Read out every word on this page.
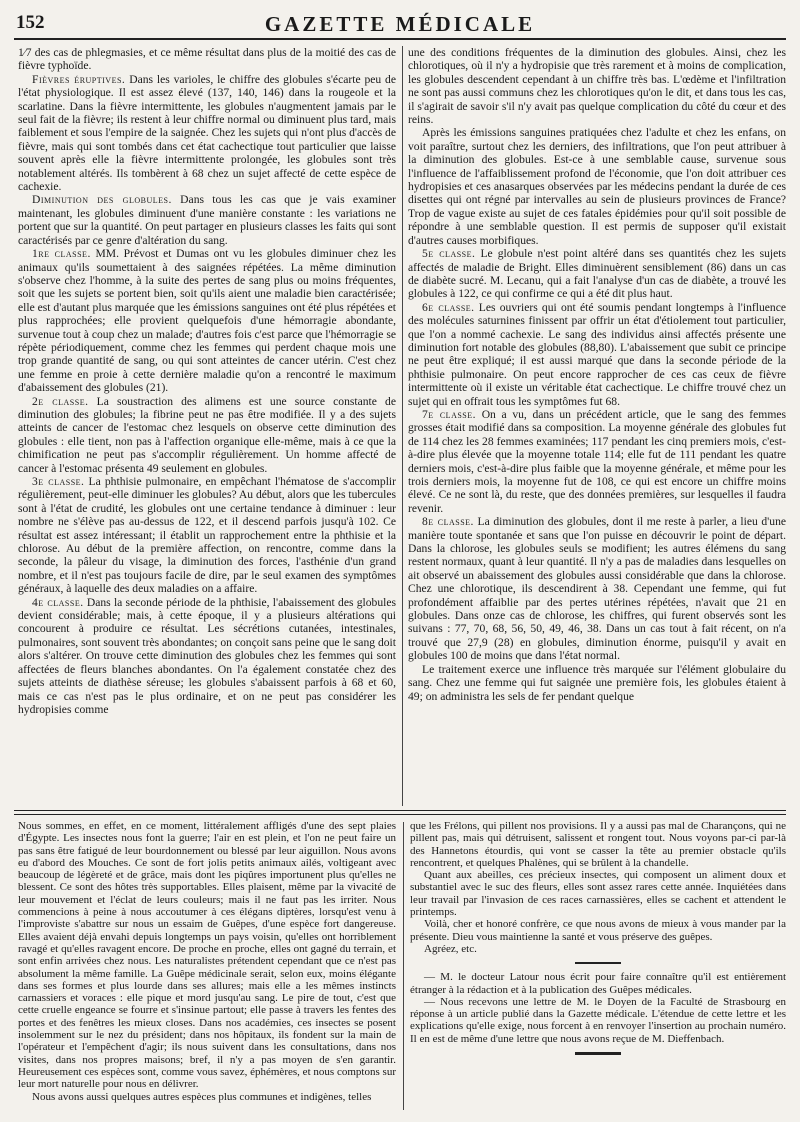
152	GAZETTE MÉDICALE

1⁄7 des cas de phlegmasies, et ce même résultat dans plus de la moitié des cas de fièvre typhoïde.

Fièvres éruptives. Dans les varioles, le chiffre des globules s'écarte peu de l'état physiologique. Il est assez élevé (137, 140, 146) dans la rougeole et la scarlatine. Dans la fièvre intermittente, les globules n'augmentent jamais par le seul fait de la fièvre; ils restent à leur chiffre normal ou diminuent plus tard, mais faiblement et sous l'empire de la saignée. Chez les sujets qui n'ont plus d'accès de fièvre, mais qui sont tombés dans cet état cachectique tout particulier que laisse souvent après elle la fièvre intermittente prolongée, les globules sont très notablement altérés. Ils tombèrent à 68 chez un sujet affecté de cette espèce de cachexie.

Diminution des globules. Dans tous les cas que je vais examiner maintenant, les globules diminuent d'une manière constante : les variations ne portent que sur la quantité. On peut partager en plusieurs classes les faits qui sont caractérisés par ce genre d'altération du sang.

1re classe. MM. Prévost et Dumas ont vu les globules diminuer chez les animaux qu'ils soumettaient à des saignées répétées. La même diminution s'observe chez l'homme, à la suite des pertes de sang plus ou moins fréquentes, soit que les sujets se portent bien, soit qu'ils aient une maladie bien caractérisée; elle est d'autant plus marquée que les émissions sanguines ont été plus répétées et plus rapprochées; elle provient quelquefois d'une hémorragie abondante, survenue tout à coup chez un malade; d'autres fois c'est parce que l'hémorragie se répète périodiquement, comme chez les femmes qui perdent chaque mois une trop grande quantité de sang, ou qui sont atteintes de cancer utérin. C'est chez une femme en proie à cette dernière maladie qu'on a rencontré le maximum d'abaissement des globules (21).

2e classe. La soustraction des alimens est une source constante de diminution des globules; la fibrine peut ne pas être modifiée. Il y a des sujets atteints de cancer de l'estomac chez lesquels on observe cette diminution des globules : elle tient, non pas à l'affection organique elle-même, mais à ce que la chimification ne peut pas s'accomplir régulièrement. Un homme affecté de cancer à l'estomac présenta 49 seulement en globules.

3e classe. La phthisie pulmonaire, en empêchant l'hématose de s'accomplir régulièrement, peut-elle diminuer les globules? Au début, alors que les tubercules sont à l'état de crudité, les globules ont une certaine tendance à diminuer : leur nombre ne s'élève pas au-dessus de 122, et il descend parfois jusqu'à 102. Ce résultat est assez intéressant; il établit un rapprochement entre la phthisie et la chlorose. Au début de la première affection, on rencontre, comme dans la seconde, la pâleur du visage, la diminution des forces, l'asthénie d'un grand nombre, et il n'est pas toujours facile de dire, par le seul examen des symptômes généraux, à laquelle des deux maladies on a affaire.

4e classe. Dans la seconde période de la phthisie, l'abaissement des globules devient considérable; mais, à cette époque, il y a plusieurs altérations qui concourent à produire ce résultat. Les sécrétions cutanées, intestinales, pulmonaires, sont souvent très abondantes; on conçoit sans peine que le sang doit alors s'altérer. On trouve cette diminution des globules chez les femmes qui sont affectées de fleurs blanches abondantes. On l'a également constatée chez des sujets atteints de diathèse séreuse; les globules s'abaissent parfois à 68 et 60, mais ce cas n'est pas le plus ordinaire, et on ne peut pas considérer les hydropisies comme

une des conditions fréquentes de la diminution des globules. Ainsi, chez les chlorotiques, où il n'y a hydropisie que très rarement et à moins de complication, les globules descendent cependant à un chiffre très bas. L'œdème et l'infiltration ne sont pas aussi communs chez les chlorotiques qu'on le dit, et dans tous les cas, il s'agirait de savoir s'il n'y avait pas quelque complication du côté du cœur et des reins.

Après les émissions sanguines pratiquées chez l'adulte et chez les enfans, on voit paraître, surtout chez les derniers, des infiltrations, que l'on peut attribuer à la diminution des globules. Est-ce à une semblable cause, survenue sous l'influence de l'affaiblissement profond de l'économie, que l'on doit attribuer ces hydropisies et ces anasarques observées par les médecins pendant la durée de ces disettes qui ont régné par intervalles au sein de plusieurs provinces de France? Trop de vague existe au sujet de ces fatales épidémies pour qu'il soit possible de répondre à une semblable question. Il est permis de supposer qu'il existait d'autres causes morbifiques.

5e classe. Le globule n'est point altéré dans ses quantités chez les sujets affectés de maladie de Bright. Elles diminuèrent sensiblement (86) dans un cas de diabète sucré. M. Lecanu, qui a fait l'analyse d'un cas de diabète, a trouvé les globules à 122, ce qui confirme ce qui a été dit plus haut.

6e classe. Les ouvriers qui ont été soumis pendant longtemps à l'influence des molécules saturnines finissent par offrir un état d'étiolement tout particulier, que l'on a nommé cachexie. Le sang des individus ainsi affectés présente une diminution fort notable des globules (88,80). L'abaissement que subit ce principe ne peut être expliqué; il est aussi marqué que dans la seconde période de la phthisie pulmonaire. On peut encore rapprocher de ces cas ceux de fièvre intermittente où il existe un véritable état cachectique. Le chiffre trouvé chez un sujet qui en offrait tous les symptômes fut 68.

7e classe. On a vu, dans un précédent article, que le sang des femmes grosses était modifié dans sa composition. La moyenne générale des globules fut de 114 chez les 28 femmes examinées; 117 pendant les cinq premiers mois, c'est-à-dire plus élevée que la moyenne totale 114; elle fut de 111 pendant les quatre derniers mois, c'est-à-dire plus faible que la moyenne générale, et même pour les trois derniers mois, la moyenne fut de 108, ce qui est encore un chiffre moins élevé. Ce ne sont là, du reste, que des données premières, sur lesquelles il faudra revenir.

8e classe. La diminution des globules, dont il me reste à parler, a lieu d'une manière toute spontanée et sans que l'on puisse en découvrir le point de départ. Dans la chlorose, les globules seuls se modifient; les autres élémens du sang restent normaux, quant à leur quantité. Il n'y a pas de maladies dans lesquelles on ait observé un abaissement des globules aussi considérable que dans la chlorose. Chez une chlorotique, ils descendirent à 38. Cependant une femme, qui fut profondément affaiblie par des pertes utérines répétées, n'avait que 21 en globules. Dans onze cas de chlorose, les chiffres, qui furent observés sont les suivans : 77, 70, 68, 56, 50, 49, 46, 38. Dans un cas tout à fait récent, on n'a trouvé que 27,9 (28) en globules, diminution énorme, puisqu'il y avait en globules 100 de moins que dans l'état normal.

Le traitement exerce une influence très marquée sur l'élément globulaire du sang. Chez une femme qui fut saignée une première fois, les globules étaient à 49; on administra les sels de fer pendant quelque

Nous sommes, en effet, en ce moment, littéralement affligés d'une des sept plaies d'Égypte. Les insectes nous font la guerre; l'air en est plein, et l'on ne peut faire un pas sans être fatigué de leur bourdonnement ou blessé par leur aiguillon. Nous avons eu d'abord des Mouches. Ce sont de fort jolis petits animaux ailés, voltigeant avec beaucoup de légèreté et de grâce, mais dont les piqûres importunent plus qu'elles ne blessent. Ce sont des hôtes très supportables. Elles plaisent, même par la vivacité de leur mouvement et l'éclat de leurs couleurs; mais il ne faut pas les irriter. Nous commencions à peine à nous accoutumer à ces élégans diptères, lorsqu'est venu à l'improviste s'abattre sur nous un essaim de Guêpes, d'une espèce fort dangereuse. Elles avaient déjà envahi depuis longtemps un pays voisin, qu'elles ont horriblement ravagé et qu'elles ravagent encore. De proche en proche, elles ont gagné du terrain, et sont enfin arrivées chez nous. Les naturalistes prétendent cependant que ce n'est pas absolument la même famille. La Guêpe médicinale serait, selon eux, moins élégante dans ses formes et plus lourde dans ses allures; mais elle a les mêmes instincts carnassiers et voraces : elle pique et mord jusqu'au sang. Le pire de tout, c'est que cette cruelle engeance se fourre et s'insinue partout; elle passe à travers les fentes des portes et des fenêtres les mieux closes. Dans nos académies, ces insectes se posent insolemment sur le nez du président; dans nos hôpitaux, ils fondent sur la main de l'opérateur et l'empêchent d'agir; ils nous suivent dans les consultations, dans nos visites, dans nos propres maisons; bref, il n'y a pas moyen de s'en garantir. Heureusement ces espèces sont, comme vous savez, éphémères, et nous comptons sur leur mort naturelle pour nous en délivrer.

Nous avons aussi quelques autres espèces plus communes et indigènes, telles

que les Frélons, qui pillent nos provisions. Il y a aussi pas mal de Charançons, qui ne pillent pas, mais qui détruisent, salissent et rongent tout. Nous voyons par-ci par-là des Hannetons étourdis, qui vont se casser la tête au premier obstacle qu'ils rencontrent, et quelques Phalènes, qui se brûlent à la chandelle.

Quant aux abeilles, ces précieux insectes, qui composent un aliment doux et substantiel avec le suc des fleurs, elles sont assez rares cette année. Inquiétées dans leur travail par l'invasion de ces races carnassières, elles se cachent et attendent le printemps.

Voilà, cher et honoré confrère, ce que nous avons de mieux à vous mander par la présente. Dieu vous maintienne la santé et vous préserve des guêpes.

Agréez, etc.

— M. le docteur Latour nous écrit pour faire connaître qu'il est entièrement étranger à la rédaction et à la publication des Guêpes médicales.

— Nous recevons une lettre de M. le Doyen de la Faculté de Strasbourg en réponse à un article publié dans la Gazette médicale. L'étendue de cette lettre et les explications qu'elle exige, nous forcent à en renvoyer l'insertion au prochain numéro. Il en est de même d'une lettre que nous avons reçue de M. Dieffenbach.
